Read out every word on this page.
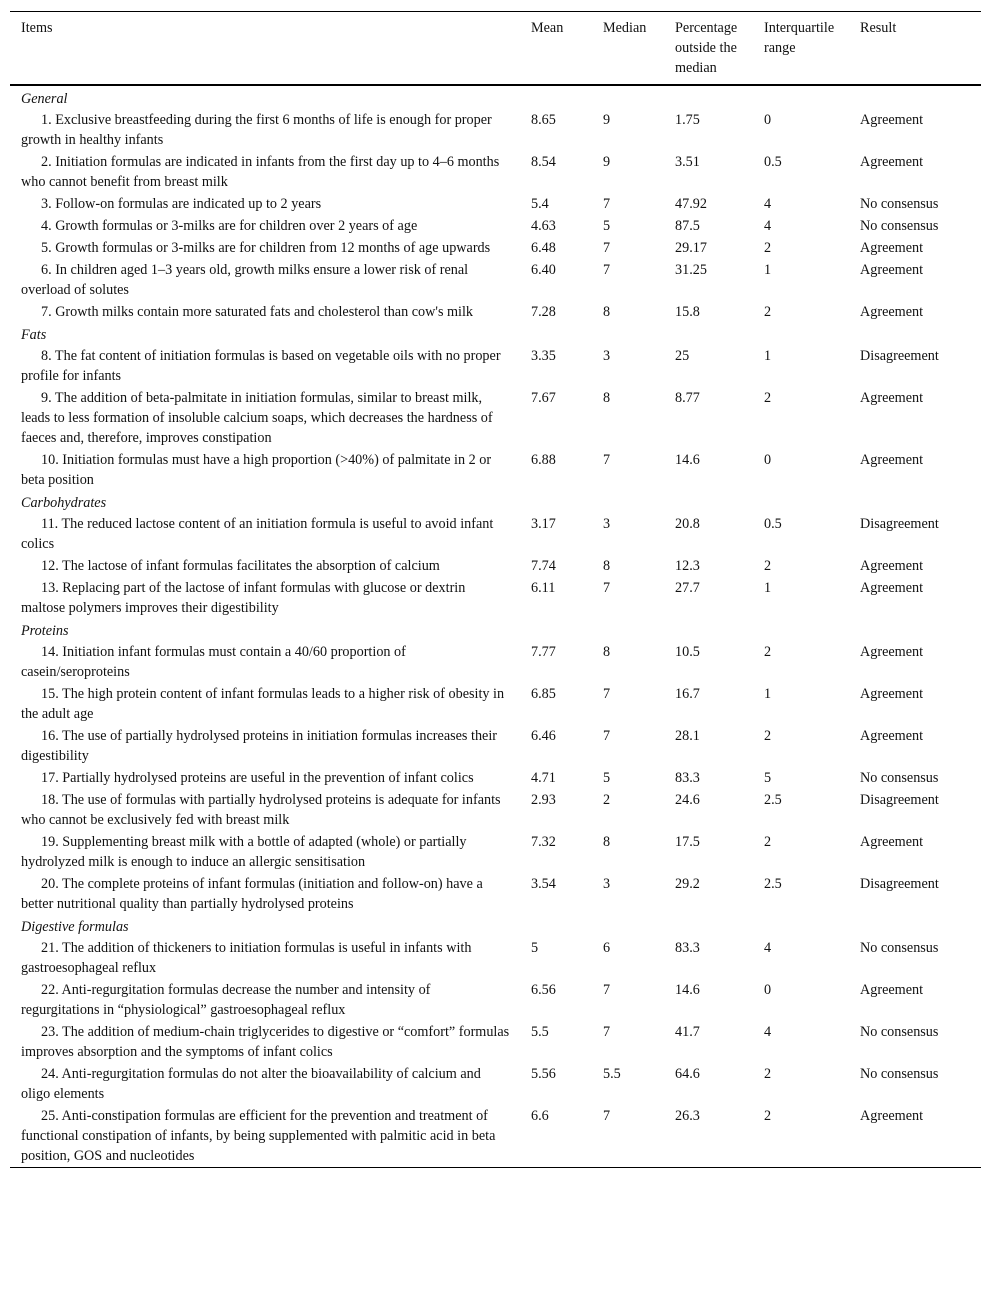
Items	Mean	Median	Percentage outside the median	Interquartile range	Result
General					
1. Exclusive breastfeeding during the first 6 months of life is enough for proper growth in healthy infants	8.65	9	1.75	0	Agreement
2. Initiation formulas are indicated in infants from the first day up to 4–6 months who cannot benefit from breast milk	8.54	9	3.51	0.5	Agreement
3. Follow-on formulas are indicated up to 2 years	5.4	7	47.92	4	No consensus
4. Growth formulas or 3-milks are for children over 2 years of age	4.63	5	87.5	4	No consensus
5. Growth formulas or 3-milks are for children from 12 months of age upwards	6.48	7	29.17	2	Agreement
6. In children aged 1–3 years old, growth milks ensure a lower risk of renal overload of solutes	6.40	7	31.25	1	Agreement
7. Growth milks contain more saturated fats and cholesterol than cow's milk	7.28	8	15.8	2	Agreement
Fats					
8. The fat content of initiation formulas is based on vegetable oils with no proper profile for infants	3.35	3	25	1	Disagreement
9. The addition of beta-palmitate in initiation formulas, similar to breast milk, leads to less formation of insoluble calcium soaps, which decreases the hardness of faeces and, therefore, improves constipation	7.67	8	8.77	2	Agreement
10. Initiation formulas must have a high proportion (>40%) of palmitate in 2 or beta position	6.88	7	14.6	0	Agreement
Carbohydrates					
11. The reduced lactose content of an initiation formula is useful to avoid infant colics	3.17	3	20.8	0.5	Disagreement
12. The lactose of infant formulas facilitates the absorption of calcium	7.74	8	12.3	2	Agreement
13. Replacing part of the lactose of infant formulas with glucose or dextrin maltose polymers improves their digestibility	6.11	7	27.7	1	Agreement
Proteins					
14. Initiation infant formulas must contain a 40/60 proportion of casein/seroproteins	7.77	8	10.5	2	Agreement
15. The high protein content of infant formulas leads to a higher risk of obesity in the adult age	6.85	7	16.7	1	Agreement
16. The use of partially hydrolysed proteins in initiation formulas increases their digestibility	6.46	7	28.1	2	Agreement
17. Partially hydrolysed proteins are useful in the prevention of infant colics	4.71	5	83.3	5	No consensus
18. The use of formulas with partially hydrolysed proteins is adequate for infants who cannot be exclusively fed with breast milk	2.93	2	24.6	2.5	Disagreement
19. Supplementing breast milk with a bottle of adapted (whole) or partially hydrolyzed milk is enough to induce an allergic sensitisation	7.32	8	17.5	2	Agreement
20. The complete proteins of infant formulas (initiation and follow-on) have a better nutritional quality than partially hydrolysed proteins	3.54	3	29.2	2.5	Disagreement
Digestive formulas					
21. The addition of thickeners to initiation formulas is useful in infants with gastroesophageal reflux	5	6	83.3	4	No consensus
22. Anti-regurgitation formulas decrease the number and intensity of regurgitations in “physiological” gastroesophageal reflux	6.56	7	14.6	0	Agreement
23. The addition of medium-chain triglycerides to digestive or “comfort” formulas improves absorption and the symptoms of infant colics	5.5	7	41.7	4	No consensus
24. Anti-regurgitation formulas do not alter the bioavailability of calcium and oligo elements	5.56	5.5	64.6	2	No consensus
25. Anti-constipation formulas are efficient for the prevention and treatment of functional constipation of infants, by being supplemented with palmitic acid in beta position, GOS and nucleotides	6.6	7	26.3	2	Agreement
